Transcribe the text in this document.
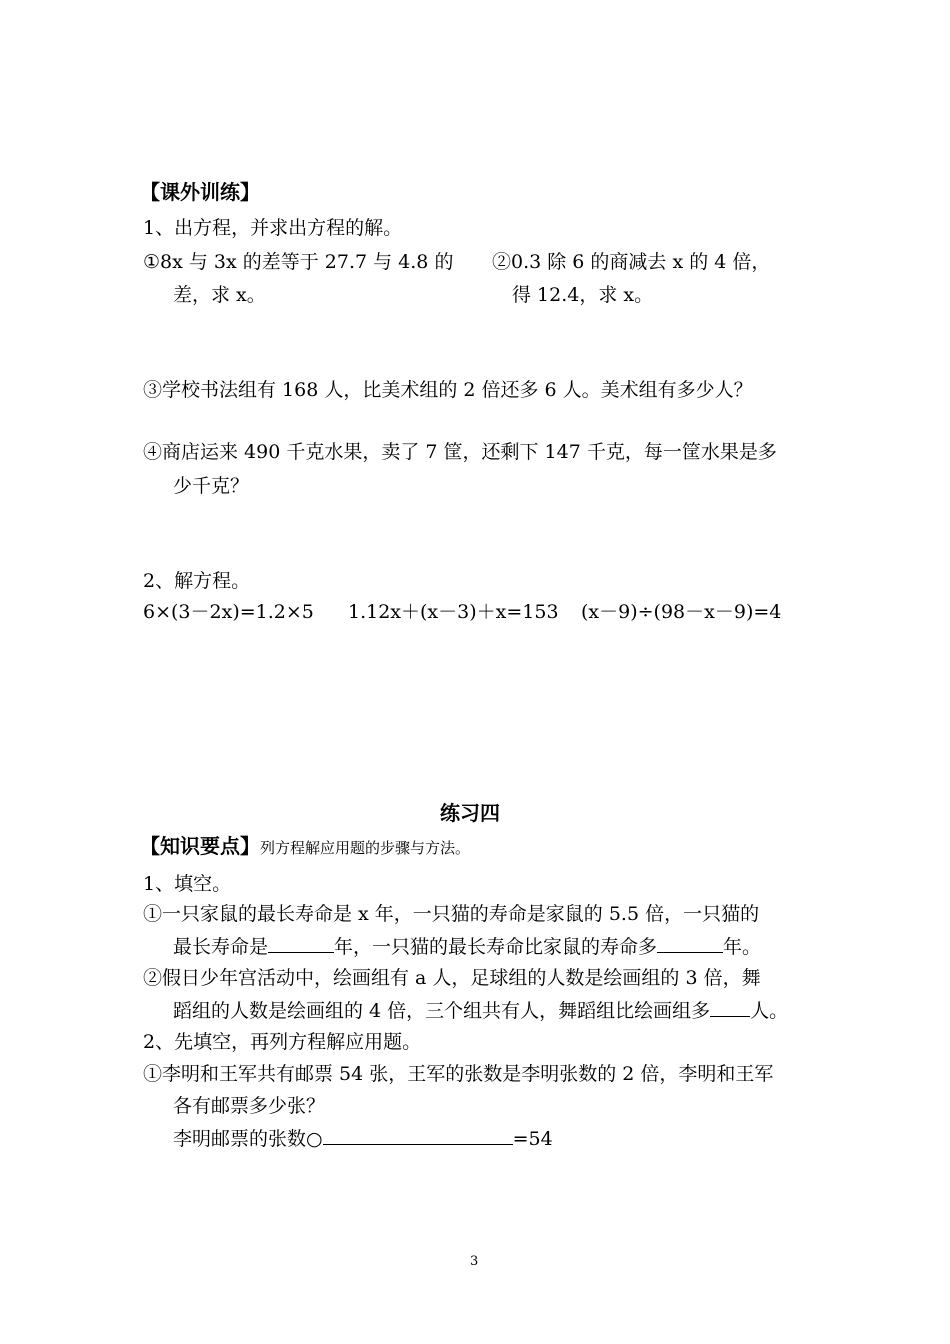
【课外训练】
1、出方程，并求出方程的解。
①8x 与 3x 的差等于 27.7 与 4.8 的
差，求 x。
②0.3 除 6 的商减去 x 的 4 倍，
得 12.4，求 x。
③学校书法组有 168 人，比美术组的 2 倍还多 6 人。美术组有多少人？
④商店运来 490 千克水果，卖了 7 筐，还剩下 147 千克，每一筐水果是多
少千克？
2、解方程。
6×(3－2x)=1.2×5 1.12x＋(x－3)＋x=153 (x－9)÷(98－x－9)=4
练习四
【知识要点】列方程解应用题的步骤与方法。
1、填空。
①一只家鼠的最长寿命是 x 年，一只猫的寿命是家鼠的 5.5 倍，一只猫的
最长寿命是	年，一只猫的最长寿命比家鼠的寿命多	年。
②假日少年宫活动中，绘画组有 a 人，足球组的人数是绘画组的 3 倍，舞
蹈组的人数是绘画组的 4 倍，三个组共有人，舞蹈组比绘画组多 人。
2、先填空，再列方程解应用题。
①李明和王军共有邮票 54 张，王军的张数是李明张数的 2 倍，李明和王军
各有邮票多少张？
李明邮票的张数○	=54
3
